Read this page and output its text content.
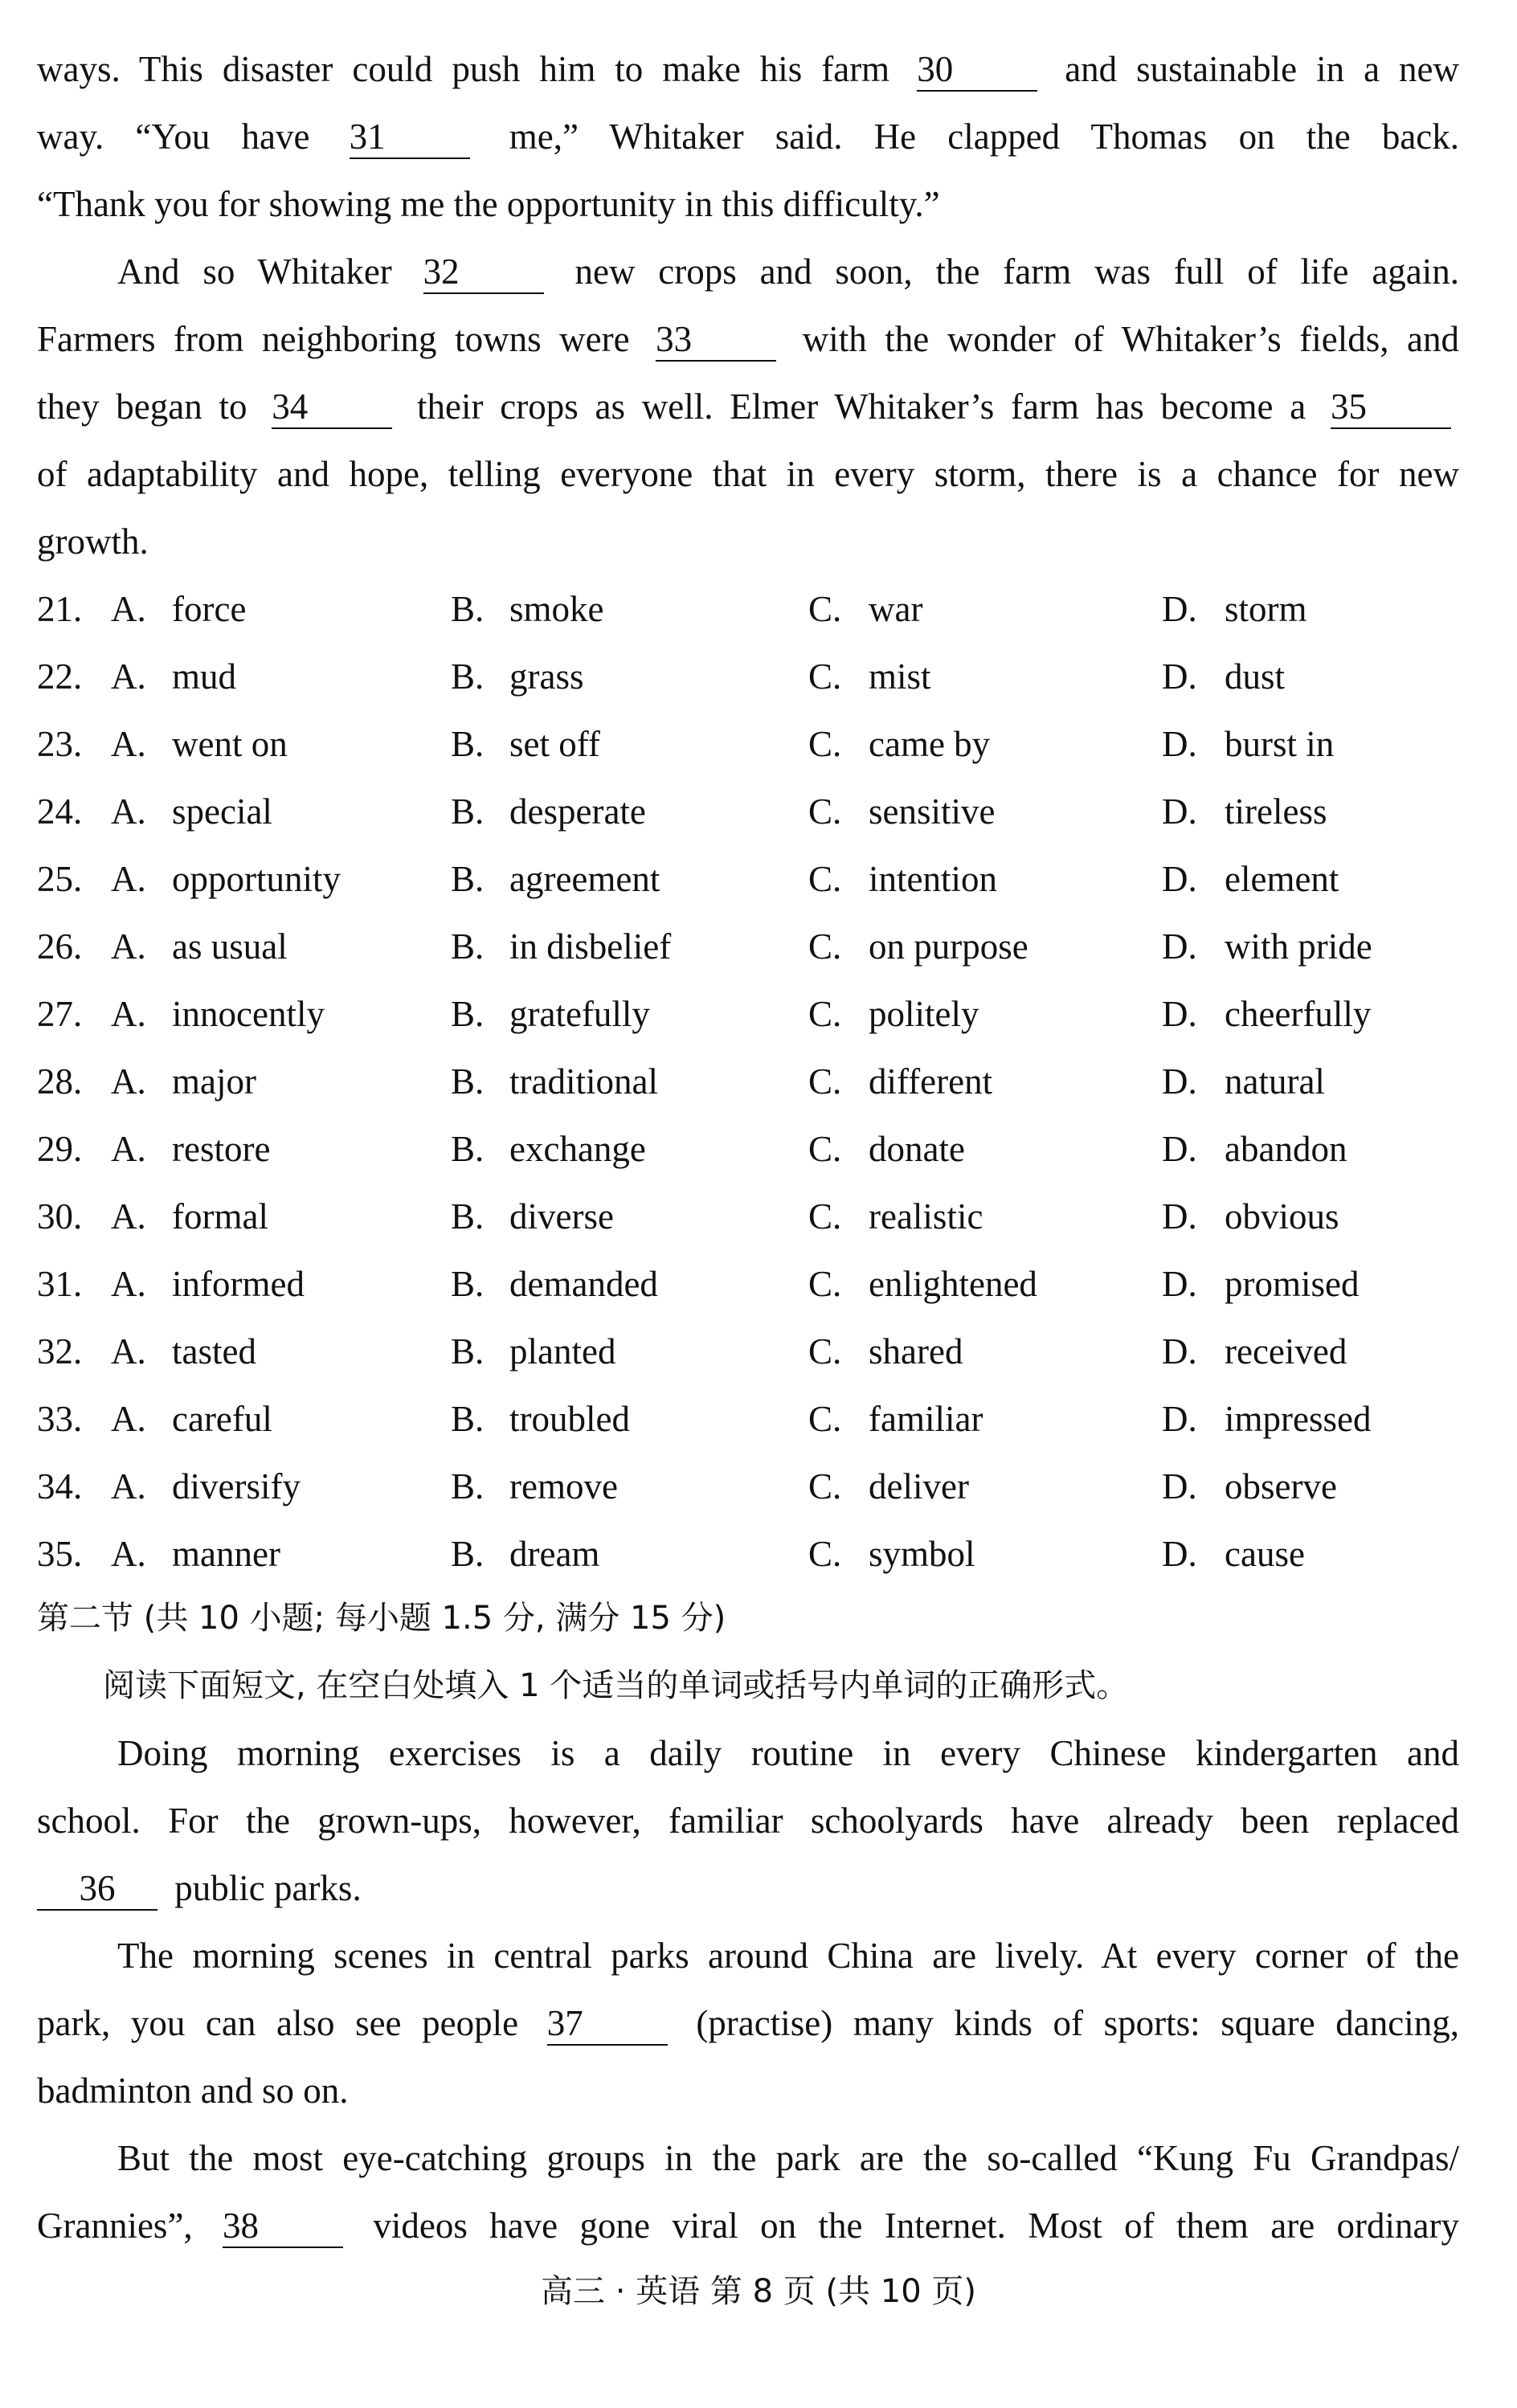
ways. This disaster could push him to make his farm 30	and sustainable in a new
way. “You have 31	me,” Whitaker said. He clapped Thomas on the back.
“Thank you for showing me the opportunity in this difficulty.”
And so Whitaker 32	new crops and soon, the farm was full of life again.
Farmers from neighboring towns were 33	with the wonder of Whitaker’s fields, and
they began to 34	their crops as well. Elmer Whitaker’s farm has become a 35
of adaptability and hope, telling everyone that in every storm, there is a chance for new
growth.
21. A. force	B. smoke	C. war	D. storm
22. A. mud	B. grass	C. mist	D. dust
23. A. went on	B. set off	C. came by	D. burst in
24. A. special	B. desperate	C. sensitive	D. tireless
25. A. opportunity	B. agreement	C. intention	D. element
26. A. as usual	B. in disbelief	C. on purpose	D. with pride
27. A. innocently	B. gratefully	C. politely	D. cheerfully
28. A. major	B. traditional	C. different	D. natural
29. A. restore	B. exchange	C. donate	D. abandon
30. A. formal	B. diverse	C. realistic	D. obvious
31. A. informed	B. demanded	C. enlightened	D. promised
32. A. tasted	B. planted	C. shared	D. received
33. A. careful	B. troubled	C. familiar	D. impressed
34. A. diversify	B. remove	C. deliver	D. observe
35. A. manner	B. dream	C. symbol	D. cause
第二节 (共 10 小题; 每小题 1.5 分, 满分 15 分)
阅读下面短文, 在空白处填入 1 个适当的单词或括号内单词的正确形式。
Doing morning exercises is a daily routine in every Chinese kindergarten and
school. For the grown-ups, however, familiar schoolyards have already been replaced
36 public parks.
The morning scenes in central parks around China are lively. At every corner of the
park, you can also see people 37	(practise) many kinds of sports: square dancing,
badminton and so on.
But the most eye-catching groups in the park are the so-called “Kung Fu Grandpas/
Grannies”, 38	videos have gone viral on the Internet. Most of them are ordinary
高三 · 英语 第 8 页 (共 10 页)
